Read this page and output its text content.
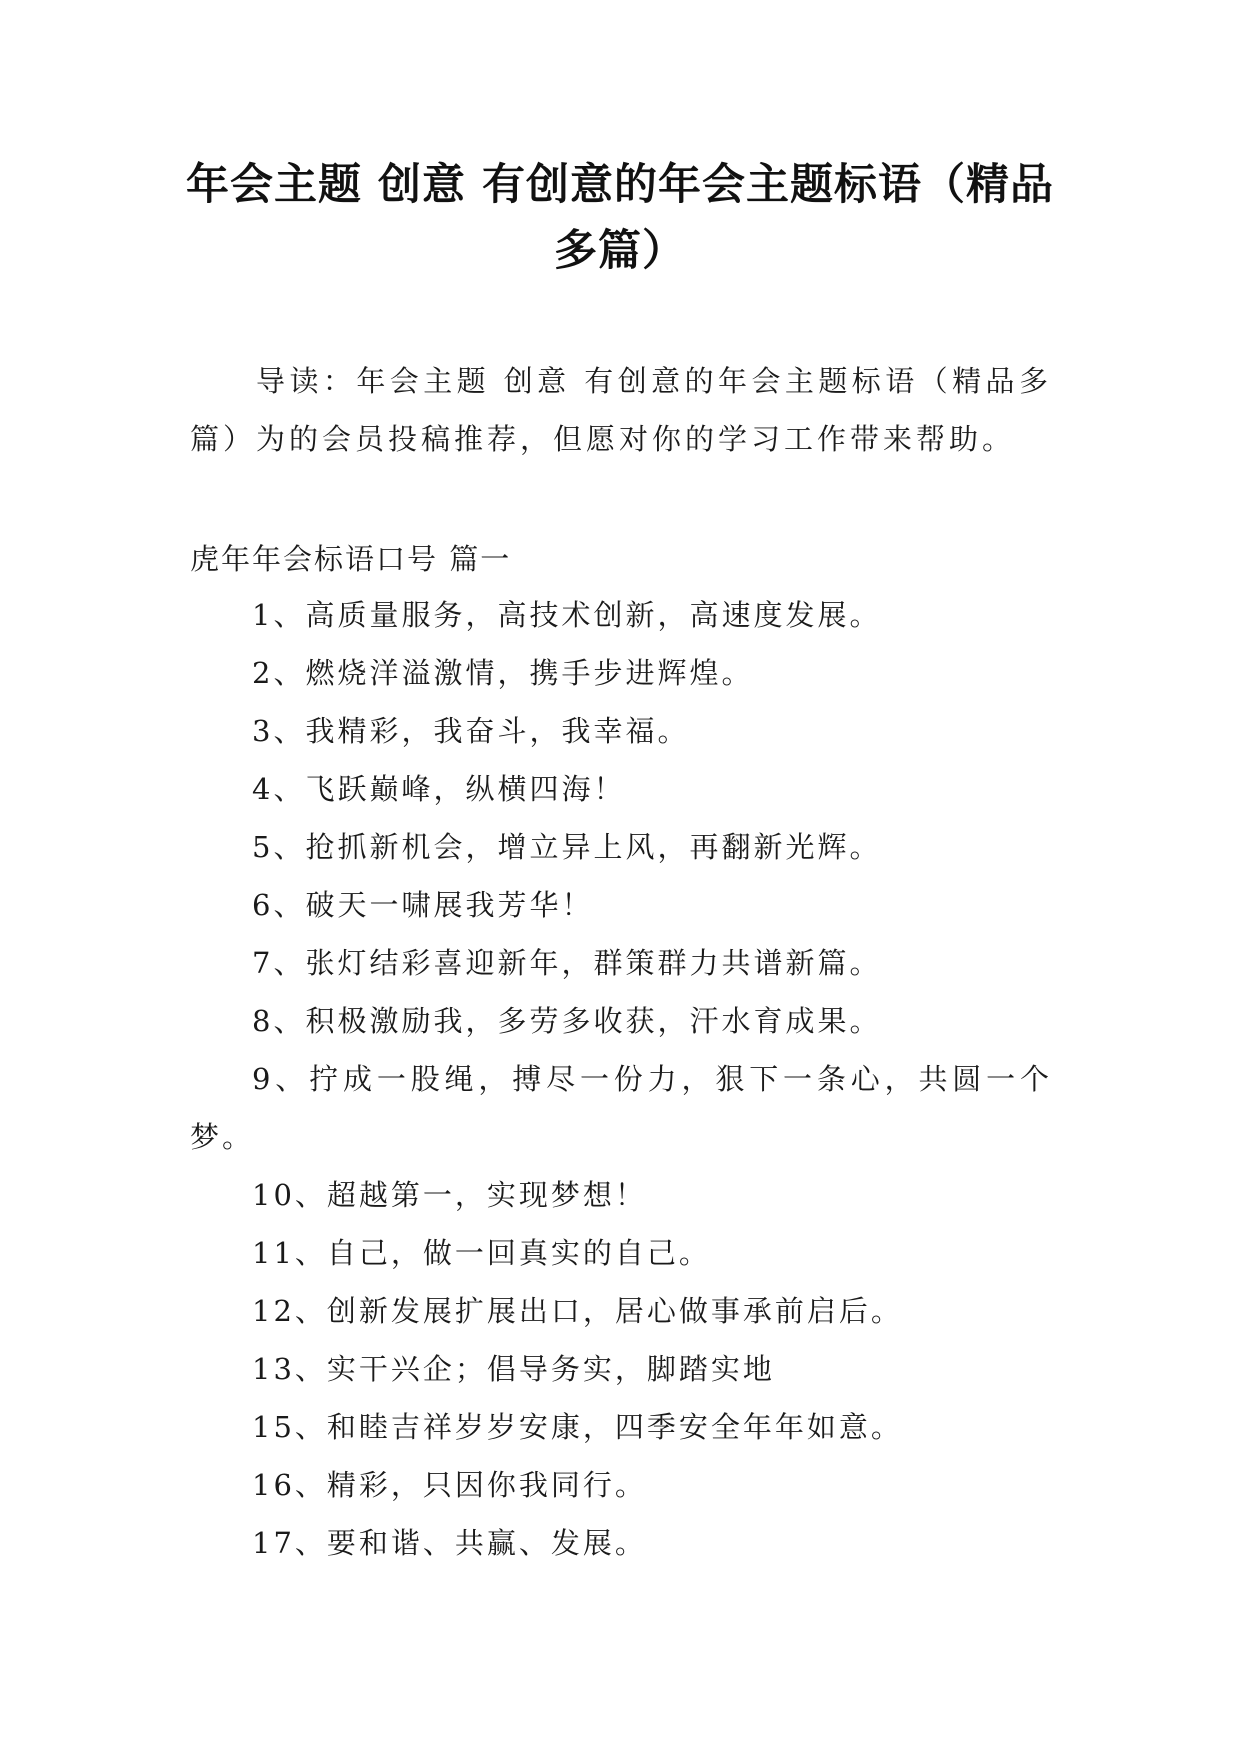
年会主题 创意 有创意的年会主题标语（精品多篇）

导读：年会主题 创意 有创意的年会主题标语（精品多篇）为的会员投稿推荐，但愿对你的学习工作带来帮助。

虎年年会标语口号 篇一
1、高质量服务，高技术创新，高速度发展。
2、燃烧洋溢激情，携手步进辉煌。
3、我精彩，我奋斗，我幸福。
4、飞跃巅峰，纵横四海！
5、抢抓新机会，增立异上风，再翻新光辉。
6、破天一啸展我芳华！
7、张灯结彩喜迎新年，群策群力共谱新篇。
8、积极激励我，多劳多收获，汗水育成果。
9、拧成一股绳，搏尽一份力，狠下一条心，共圆一个梦。
10、超越第一，实现梦想！
11、自己，做一回真实的自己。
12、创新发展扩展出口，居心做事承前启后。
13、实干兴企；倡导务实，脚踏实地
15、和睦吉祥岁岁安康，四季安全年年如意。
16、精彩，只因你我同行。
17、要和谐、共赢、发展。
